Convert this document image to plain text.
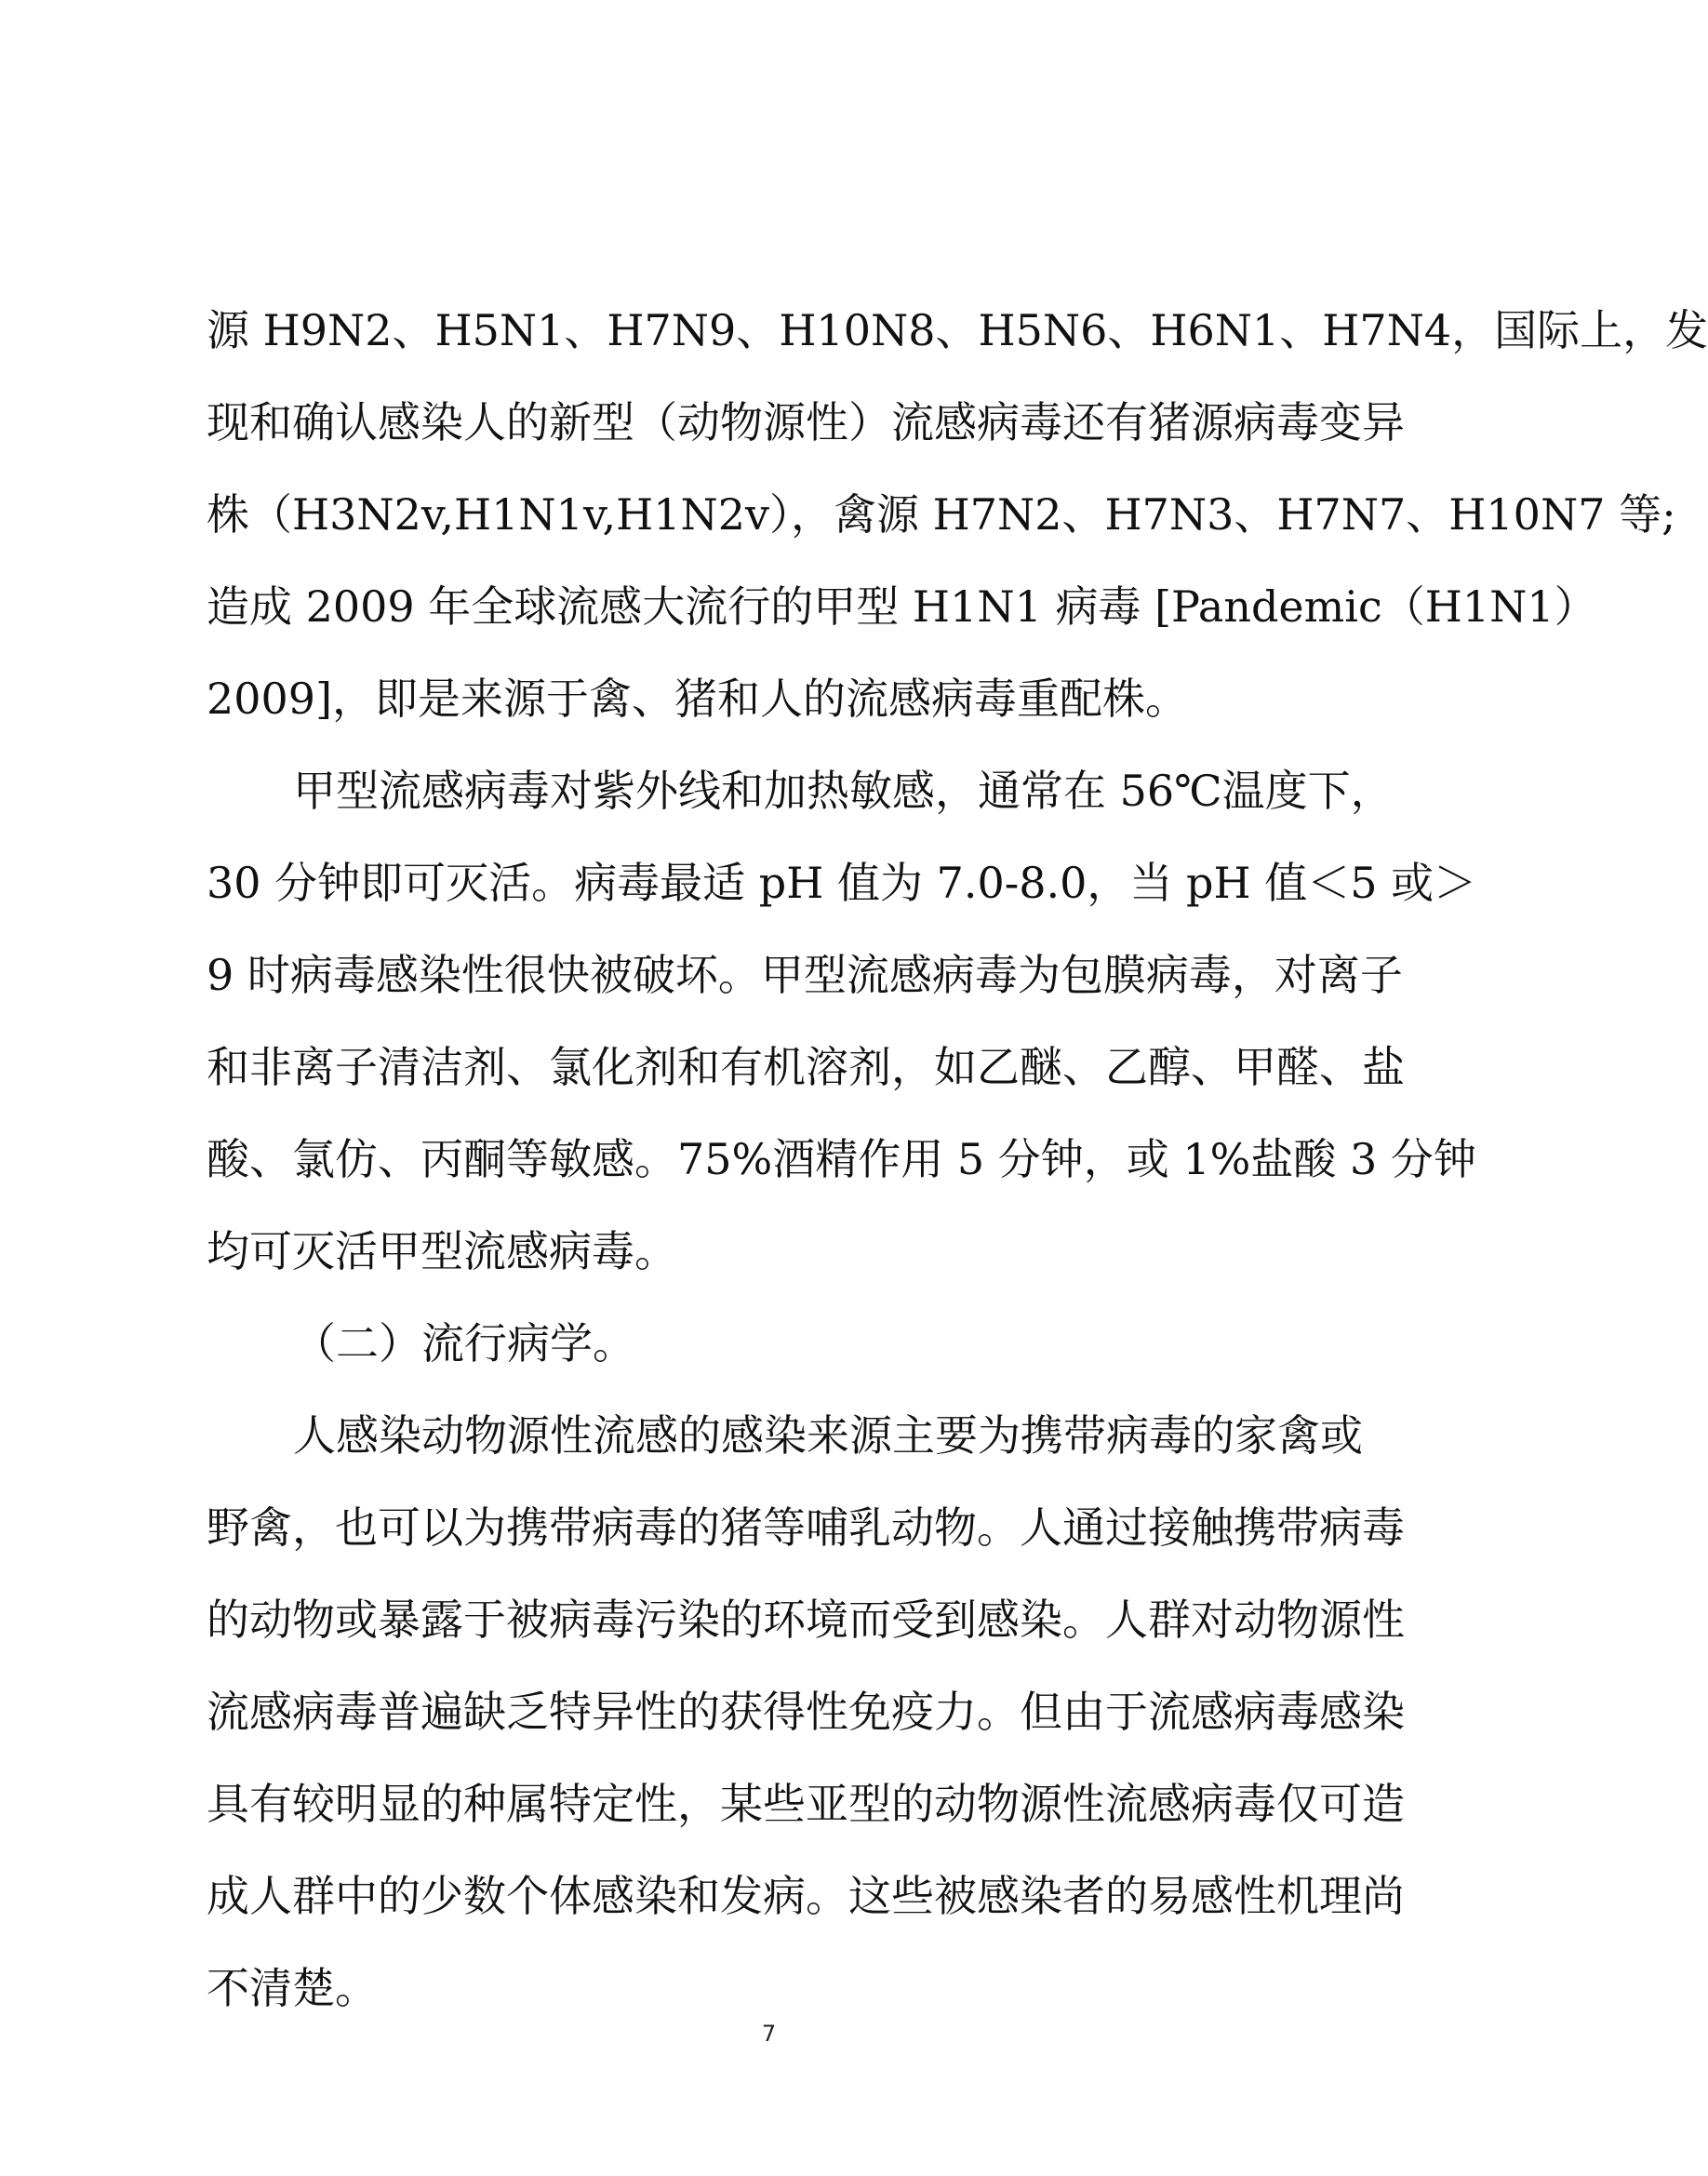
源 H9N2、H5N1、H7N9、H10N8、H5N6、H6N1、H7N4，国际上，发
现和确认感染人的新型（动物源性）流感病毒还有猪源病毒变异
株（H3N2v,H1N1v,H1N2v），禽源 H7N2、H7N3、H7N7、H10N7 等;
造成 2009 年全球流感大流行的甲型 H1N1 病毒 [Pandemic（H1N1）
2009]，即是来源于禽、猪和人的流感病毒重配株。
甲型流感病毒对紫外线和加热敏感，通常在 56℃温度下，
30 分钟即可灭活。病毒最适 pH 值为 7.0-8.0，当 pH 值＜5 或＞
9 时病毒感染性很快被破坏。甲型流感病毒为包膜病毒，对离子
和非离子清洁剂、氯化剂和有机溶剂，如乙醚、乙醇、甲醛、盐
酸、氯仿、丙酮等敏感。75%酒精作用 5 分钟，或 1%盐酸 3 分钟
均可灭活甲型流感病毒。
（二）流行病学。
人感染动物源性流感的感染来源主要为携带病毒的家禽或
野禽，也可以为携带病毒的猪等哺乳动物。人通过接触携带病毒
的动物或暴露于被病毒污染的环境而受到感染。人群对动物源性
流感病毒普遍缺乏特异性的获得性免疫力。但由于流感病毒感染
具有较明显的种属特定性，某些亚型的动物源性流感病毒仅可造
成人群中的少数个体感染和发病。这些被感染者的易感性机理尚
不清楚。
7
